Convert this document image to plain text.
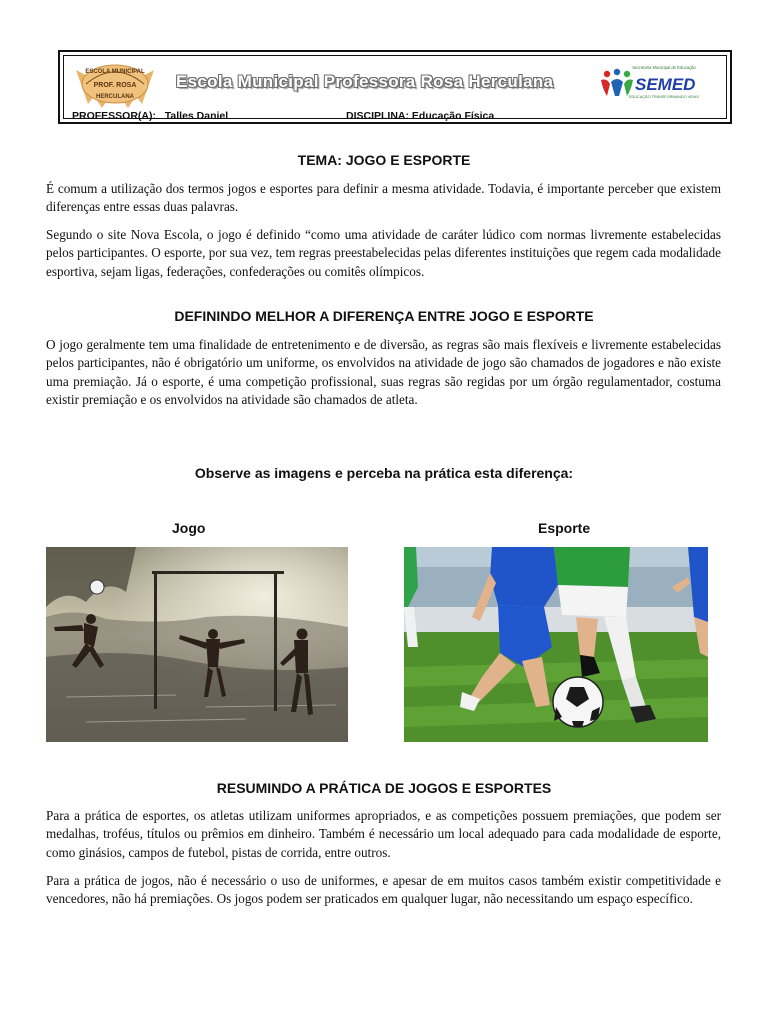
ESCOLA MUNICIPAL
PROF. ROSA
HERCULANA
Escola Municipal Professora Rosa Herculana
Secretaria Municipal de Educação
SEMED
EDUCAÇÃO TRANSFORMANDO VIDAS
PROFESSOR(A): Talles Daniel	DISCIPLINA: Educação Física
TEMA: JOGO E ESPORTE

É comum a utilização dos termos jogos e esportes para definir a mesma atividade. Todavia, é importante perceber que existem diferenças entre essas duas palavras.

Segundo o site Nova Escola, o jogo é definido “como uma atividade de caráter lúdico com normas livremente estabelecidas pelos participantes. O esporte, por sua vez, tem regras preestabelecidas pelas diferentes instituições que regem cada modalidade esportiva, sejam ligas, federações, confederações ou comitês olímpicos.

DEFININDO MELHOR A DIFERENÇA ENTRE JOGO E ESPORTE

O jogo geralmente tem uma finalidade de entretenimento e de diversão, as regras são mais flexíveis e livremente estabelecidas pelos participantes, não é obrigatório um uniforme, os envolvidos na atividade de jogo são chamados de jogadores e não existe uma premiação. Já o esporte, é uma competição profissional, suas regras são regidas por um órgão regulamentador, costuma existir premiação e os envolvidos na atividade são chamados de atleta.

Observe as imagens e perceba na prática esta diferença:
Jogo	Esporte
RESUMINDO A PRÁTICA DE JOGOS E ESPORTES

Para a prática de esportes, os atletas utilizam uniformes apropriados, e as competições possuem premiações, que podem ser medalhas, troféus, títulos ou prêmios em dinheiro. Também é necessário um local adequado para cada modalidade de esporte, como ginásios, campos de futebol, pistas de corrida, entre outros.

Para a prática de jogos, não é necessário o uso de uniformes, e apesar de em muitos casos também existir competitividade e vencedores, não há premiações. Os jogos podem ser praticados em qualquer lugar, não necessitando um espaço específico.
